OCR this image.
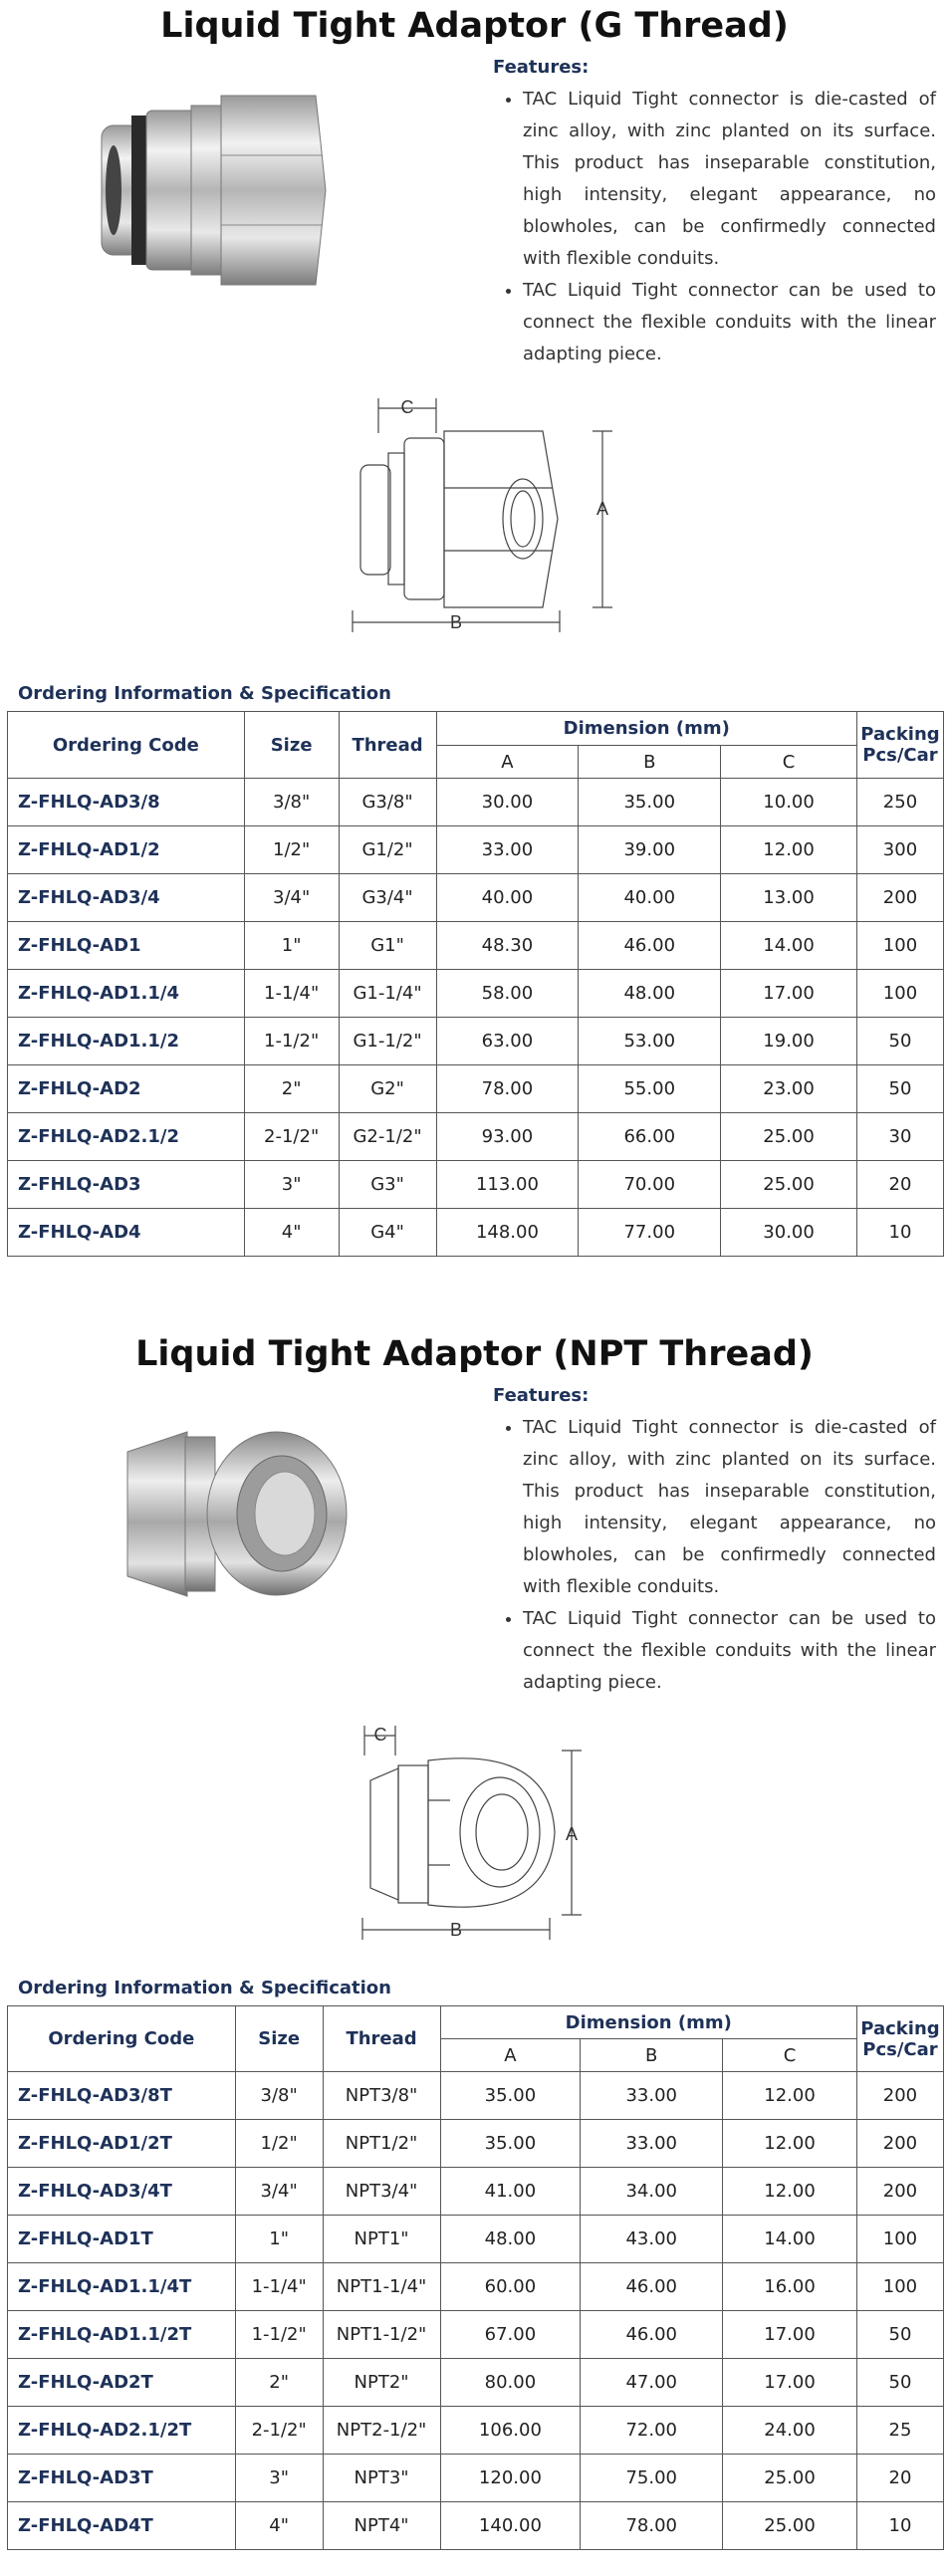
Liquid Tight Adaptor (G Thread)
Features:
• TAC Liquid Tight connector is die-casted of zinc alloy, with zinc planted on its surface. This product has inseparable constitution, high intensity, elegant appearance, no blowholes, can be confirmedly connected with flexible conduits.
• TAC Liquid Tight connector can be used to connect the flexible conduits with the linear adapting piece.
C
A
B
Ordering Information & Specification
Ordering Code	Size	Thread	Dimension (mm)			Packing Pcs/Car
			A	B	C	
Z-FHLQ-AD3/8	3/8"	G3/8"	30.00	35.00	10.00	250
Z-FHLQ-AD1/2	1/2"	G1/2"	33.00	39.00	12.00	300
Z-FHLQ-AD3/4	3/4"	G3/4"	40.00	40.00	13.00	200
Z-FHLQ-AD1	1"	G1"	48.30	46.00	14.00	100
Z-FHLQ-AD1.1/4	1-1/4"	G1-1/4"	58.00	48.00	17.00	100
Z-FHLQ-AD1.1/2	1-1/2"	G1-1/2"	63.00	53.00	19.00	50
Z-FHLQ-AD2	2"	G2"	78.00	55.00	23.00	50
Z-FHLQ-AD2.1/2	2-1/2"	G2-1/2"	93.00	66.00	25.00	30
Z-FHLQ-AD3	3"	G3"	113.00	70.00	25.00	20
Z-FHLQ-AD4	4"	G4"	148.00	77.00	30.00	10
Liquid Tight Adaptor (NPT Thread)
Features:
• TAC Liquid Tight connector is die-casted of zinc alloy, with zinc planted on its surface. This product has inseparable constitution, high intensity, elegant appearance, no blowholes, can be confirmedly connected with flexible conduits.
• TAC Liquid Tight connector can be used to connect the flexible conduits with the linear adapting piece.
C
A
B
Ordering Information & Specification
Ordering Code	Size	Thread	Dimension (mm)			Packing Pcs/Car
			A	B	C	
Z-FHLQ-AD3/8T	3/8"	NPT3/8"	35.00	33.00	12.00	200
Z-FHLQ-AD1/2T	1/2"	NPT1/2"	35.00	33.00	12.00	200
Z-FHLQ-AD3/4T	3/4"	NPT3/4"	41.00	34.00	12.00	200
Z-FHLQ-AD1T	1"	NPT1"	48.00	43.00	14.00	100
Z-FHLQ-AD1.1/4T	1-1/4"	NPT1-1/4"	60.00	46.00	16.00	100
Z-FHLQ-AD1.1/2T	1-1/2"	NPT1-1/2"	67.00	46.00	17.00	50
Z-FHLQ-AD2T	2"	NPT2"	80.00	47.00	17.00	50
Z-FHLQ-AD2.1/2T	2-1/2"	NPT2-1/2"	106.00	72.00	24.00	25
Z-FHLQ-AD3T	3"	NPT3"	120.00	75.00	25.00	20
Z-FHLQ-AD4T	4"	NPT4"	140.00	78.00	25.00	10
